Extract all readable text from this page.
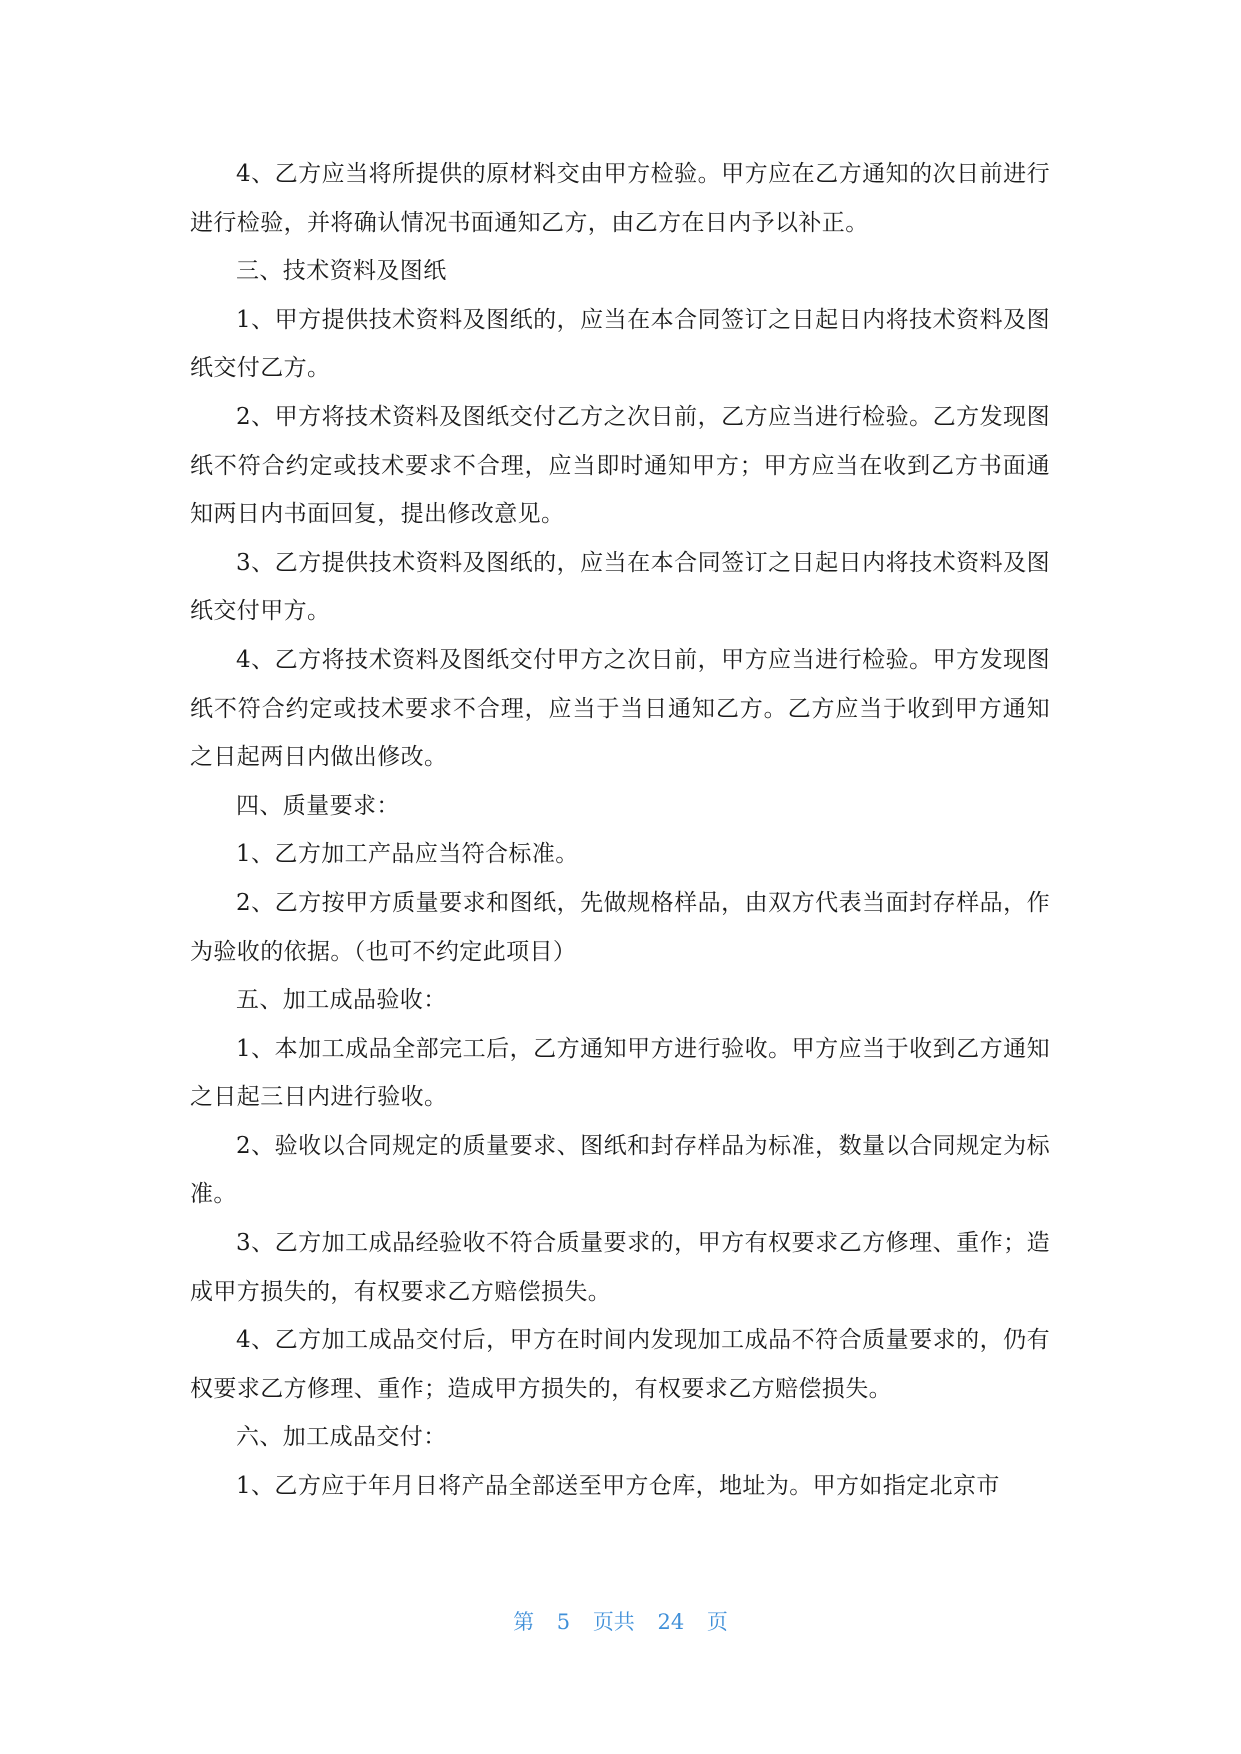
4、乙方应当将所提供的原材料交由甲方检验。甲方应在乙方通知的次日前进行进行检验，并将确认情况书面通知乙方，由乙方在日内予以补正。

三、技术资料及图纸

1、甲方提供技术资料及图纸的，应当在本合同签订之日起日内将技术资料及图纸交付乙方。

2、甲方将技术资料及图纸交付乙方之次日前，乙方应当进行检验。乙方发现图纸不符合约定或技术要求不合理，应当即时通知甲方；甲方应当在收到乙方书面通知两日内书面回复，提出修改意见。

3、乙方提供技术资料及图纸的，应当在本合同签订之日起日内将技术资料及图纸交付甲方。

4、乙方将技术资料及图纸交付甲方之次日前，甲方应当进行检验。甲方发现图纸不符合约定或技术要求不合理，应当于当日通知乙方。乙方应当于收到甲方通知之日起两日内做出修改。

四、质量要求：

1、乙方加工产品应当符合标准。

2、乙方按甲方质量要求和图纸，先做规格样品，由双方代表当面封存样品，作为验收的依据。（也可不约定此项目）

五、加工成品验收：

1、本加工成品全部完工后，乙方通知甲方进行验收。甲方应当于收到乙方通知之日起三日内进行验收。

2、验收以合同规定的质量要求、图纸和封存样品为标准，数量以合同规定为标准。

3、乙方加工成品经验收不符合质量要求的，甲方有权要求乙方修理、重作；造成甲方损失的，有权要求乙方赔偿损失。

4、乙方加工成品交付后，甲方在时间内发现加工成品不符合质量要求的，仍有权要求乙方修理、重作；造成甲方损失的，有权要求乙方赔偿损失。

六、加工成品交付：

1、乙方应于年月日将产品全部送至甲方仓库，地址为。甲方如指定北京市

第 5 页共 24 页
